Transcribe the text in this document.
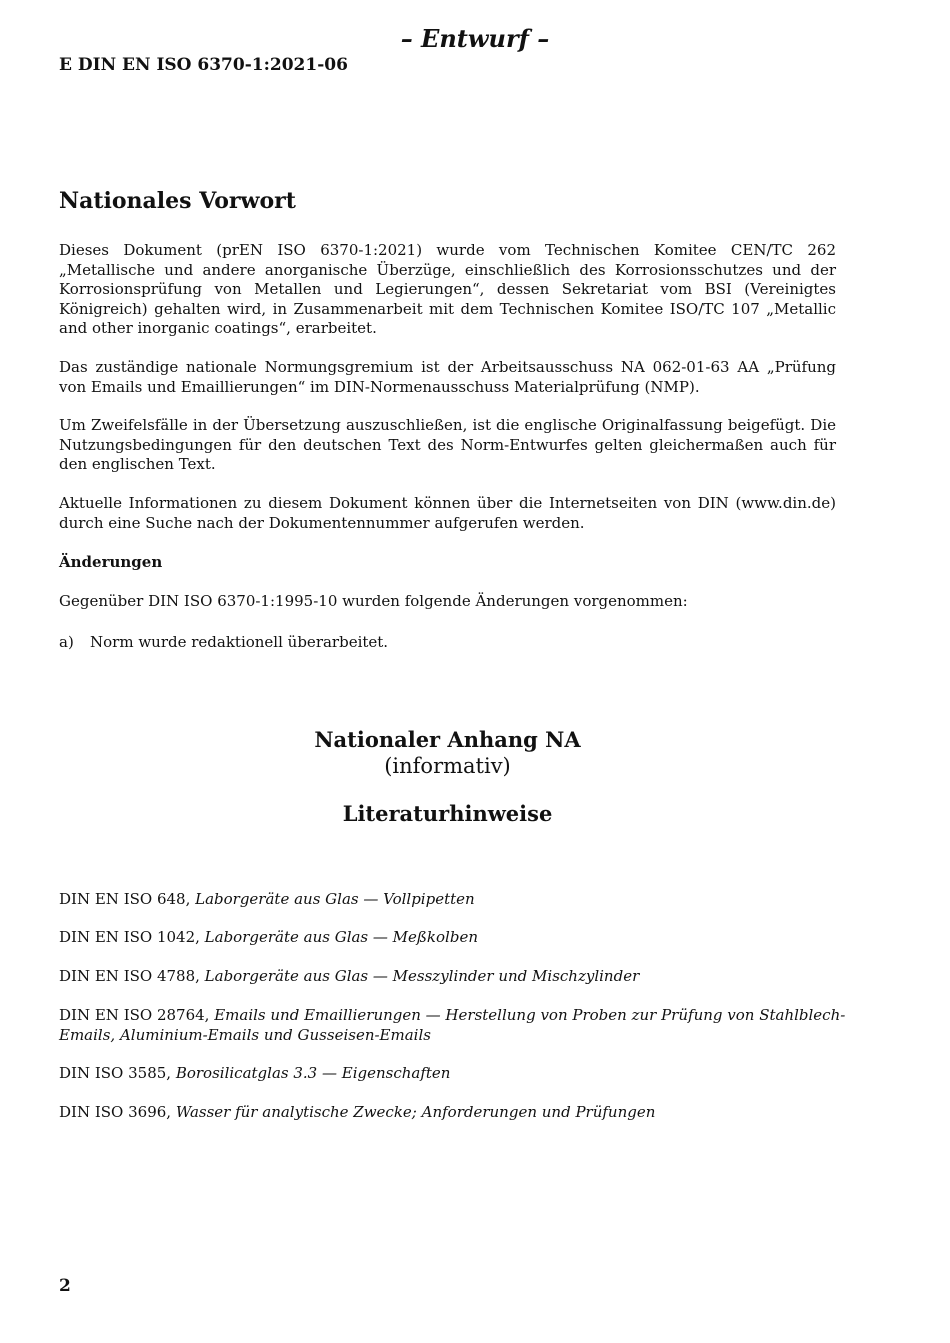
– Entwurf –
E DIN EN ISO 6370-1:2021-06
Nationales Vorwort
Dieses Dokument (prEN ISO 6370-1:2021) wurde vom Technischen Komitee CEN/TC 262 „Metallische und andere anorganische Überzüge, einschließlich des Korrosionsschutzes und der Korrosionsprüfung von Metallen und Legierungen“, dessen Sekretariat vom BSI (Vereinigtes Königreich) gehalten wird, in Zusammenarbeit mit dem Technischen Komitee ISO/TC 107 „Metallic and other inorganic coatings“, erarbeitet.
Das zuständige nationale Normungsgremium ist der Arbeitsausschuss NA 062-01-63 AA „Prüfung von Emails und Emaillierungen“ im DIN-Normenausschuss Materialprüfung (NMP).
Um Zweifelsfälle in der Übersetzung auszuschließen, ist die englische Originalfassung beigefügt. Die Nutzungsbedingungen für den deutschen Text des Norm-Entwurfes gelten gleichermaßen auch für den englischen Text.
Aktuelle Informationen zu diesem Dokument können über die Internetseiten von DIN (www.din.de) durch eine Suche nach der Dokumentennummer aufgerufen werden.
Änderungen
Gegenüber DIN ISO 6370-1:1995-10 wurden folgende Änderungen vorgenommen:
a) Norm wurde redaktionell überarbeitet.
Nationaler Anhang NA
(informativ)
Literaturhinweise
DIN EN ISO 648, Laborgeräte aus Glas — Vollpipetten
DIN EN ISO 1042, Laborgeräte aus Glas — Meßkolben
DIN EN ISO 4788, Laborgeräte aus Glas — Messzylinder und Mischzylinder
DIN EN ISO 28764, Emails und Emaillierungen — Herstellung von Proben zur Prüfung von Stahlblech-Emails, Aluminium-Emails und Gusseisen-Emails
DIN ISO 3585, Borosilicatglas 3.3 — Eigenschaften
DIN ISO 3696, Wasser für analytische Zwecke; Anforderungen und Prüfungen
2
